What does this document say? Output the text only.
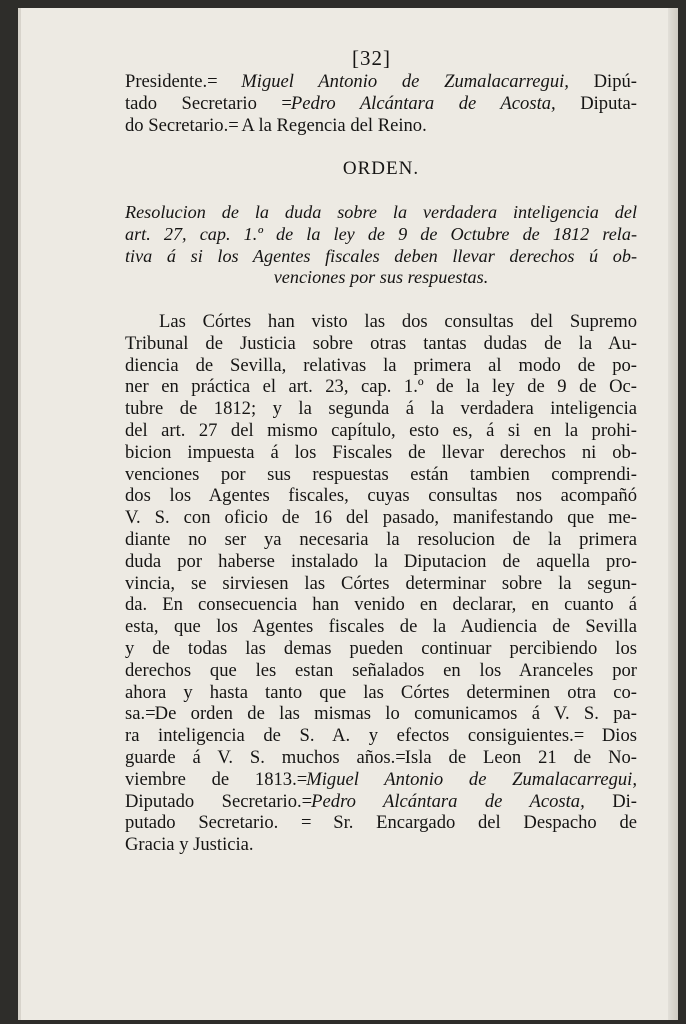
[32]
Presidente.= Miguel Antonio de Zumalacarregui, Dipú-
tado Secretario =Pedro Alcántara de Acosta, Diputa-
do Secretario.= A la Regencia del Reino.
ORDEN.
Resolucion de la duda sobre la verdadera inteligencia del
art. 27, cap. 1.º de la ley de 9 de Octubre de 1812 rela-
tiva á si los Agentes fiscales deben llevar derechos ú ob-
venciones por sus respuestas.
Las Córtes han visto las dos consultas del Supremo
Tribunal de Justicia sobre otras tantas dudas de la Au-
diencia de Sevilla, relativas la primera al modo de po-
ner en práctica el art. 23, cap. 1.º de la ley de 9 de Oc-
tubre de 1812; y la segunda á la verdadera inteligencia
del art. 27 del mismo capítulo, esto es, á si en la prohi-
bicion impuesta á los Fiscales de llevar derechos ni ob-
venciones por sus respuestas están tambien comprendi-
dos los Agentes fiscales, cuyas consultas nos acompañó
V. S. con oficio de 16 del pasado, manifestando que me-
diante no ser ya necesaria la resolucion de la primera
duda por haberse instalado la Diputacion de aquella pro-
vincia, se sirviesen las Córtes determinar sobre la segun-
da. En consecuencia han venido en declarar, en cuanto á
esta, que los Agentes fiscales de la Audiencia de Sevilla
y de todas las demas pueden continuar percibiendo los
derechos que les estan señalados en los Aranceles por
ahora y hasta tanto que las Córtes determinen otra co-
sa.=De orden de las mismas lo comunicamos á V. S. pa-
ra inteligencia de S. A. y efectos consiguientes.= Dios
guarde á V. S. muchos años.=Isla de Leon 21 de No-
viembre de 1813.=Miguel Antonio de Zumalacarregui,
Diputado Secretario.=Pedro Alcántara de Acosta, Di-
putado Secretario. = Sr. Encargado del Despacho de
Gracia y Justicia.
